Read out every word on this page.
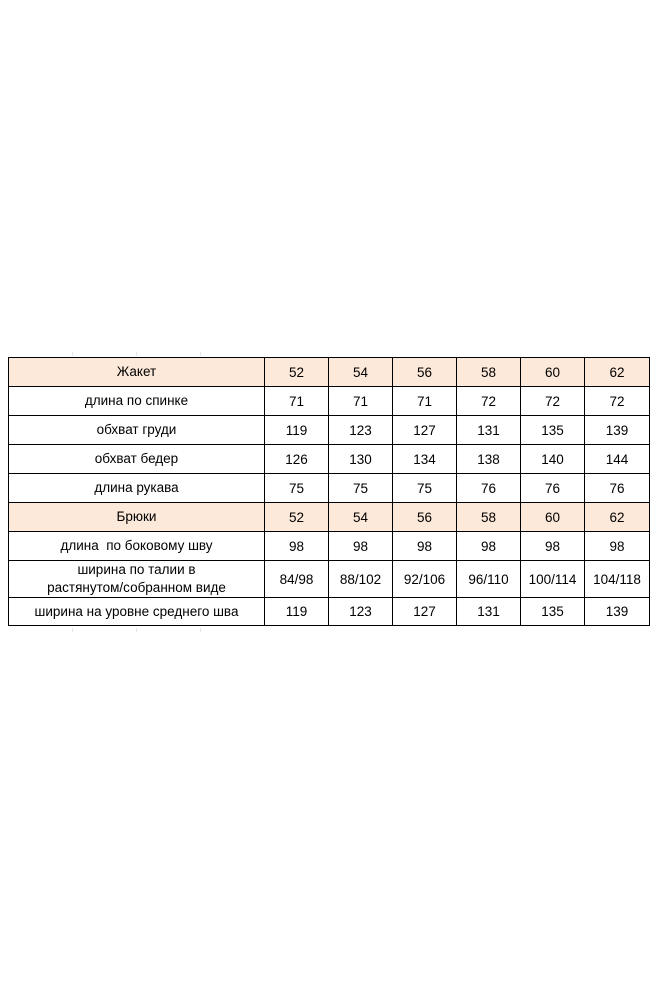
Жакет	52	54	56	58	60	62
длина по спинке	71	71	71	72	72	72
обхват груди	119	123	127	131	135	139
обхват бедер	126	130	134	138	140	144
длина рукава	75	75	75	76	76	76
Брюки	52	54	56	58	60	62
длина  по боковому шву	98	98	98	98	98	98
ширина по талии в растянутом/собранном виде	84/98	88/102	92/106	96/110	100/114	104/118
ширина на уровне среднего шва	119	123	127	131	135	139
